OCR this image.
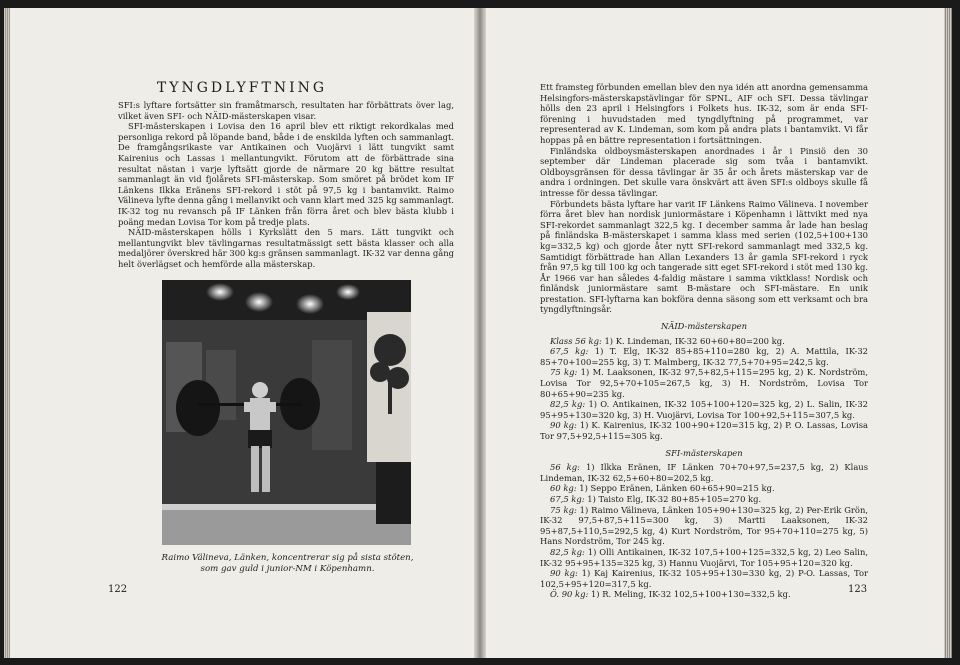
TYNGDLYFTNING

SFI:s lyftare fortsätter sin framåtmarsch, resultaten har förbättrats över lag, vilket även SFI- och NÄID-mästerskapen visar.

SFI-mästerskapen i Lovisa den 16 april blev ett riktigt rekordkalas med personliga rekord på löpande band, både i de enskilda lyften och sammanlagt. De framgångsrikaste var Antikainen och Vuojärvi i lätt tungvikt samt Kairenius och Lassas i mellantungvikt. Förutom att de förbättrade sina resultat nästan i varje lyftsätt gjorde de närmare 20 kg bättre resultat sammanlagt än vid fjolårets SFI-mästerskap. Som smöret på brödet kom IF Länkens Ilkka Eränens SFI-rekord i stöt på 97,5 kg i bantamvikt. Raimo Välineva lyfte denna gång i mellanvikt och vann klart med 325 kg sammanlagt. IK-32 tog nu revansch på IF Länken från förra året och blev bästa klubb i poäng medan Lovisa Tor kom på tredje plats.

NÄID-mästerskapen hölls i Kyrkslätt den 5 mars. Lätt tungvikt och mellantungvikt blev tävlingarnas resultatmässigt sett bästa klasser och alla medaljörer överskred här 300 kg:s gränsen sammanlagt. IK-32 var denna gång helt överlägset och hemförde alla mästerskap.

Raimo Välineva, Länken, koncentrerar sig på sista stöten,
som gav guld i junior-NM i Köpenhamn.
122

Ett framsteg förbunden emellan blev den nya idén att anordna gemensamma Helsingfors-mästerskapstävlingar för SPNL, AIF och SFI. Dessa tävlingar hölls den 23 april i Helsingfors i Folkets hus. IK-32, som är enda SFI-förening i huvudstaden med tyngdlyftning på programmet, var representerad av K. Lindeman, som kom på andra plats i bantamvikt. Vi får hoppas på en bättre representation i fortsättningen.

Finländska oldboysmästerskapen anordnades i år i Pinsiö den 30 september där Lindeman placerade sig som tvåa i bantamvikt. Oldboysgränsen för dessa tävlingar är 35 år och årets mästerskap var de andra i ordningen. Det skulle vara önskvärt att även SFI:s oldboys skulle få intresse för dessa tävlingar.

Förbundets bästa lyftare har varit IF Länkens Raimo Välineva. I november förra året blev han nordisk juniormästare i Köpenhamn i lättvikt med nya SFI-rekordet sammanlagt 322,5 kg. I december samma år lade han beslag på finländska B-mästerskapet i samma klass med serien (102,5+100+130 kg=332,5 kg) och gjorde åter nytt SFI-rekord sammanlagt med 332,5 kg. Samtidigt förbättrade han Allan Lexanders 13 år gamla SFI-rekord i ryck från 97,5 kg till 100 kg och tangerade sitt eget SFI-rekord i stöt med 130 kg. År 1966 var han således 4-faldig mästare i samma viktklass! Nordisk och finländsk juniormästare samt B-mästare och SFI-mästare. En unik prestation. SFI-lyftarna kan bokföra denna säsong som ett verksamt och bra tyngdlyftningsår.

NÄID-mästerskapen

Klass 56 kg: 1) K. Lindeman, IK-32 60+60+80=200 kg.

67,5 kg: 1) T. Elg, IK-32 85+85+110=280 kg, 2) A. Mattila, IK-32 85+70+100=255 kg, 3) T. Malmberg, IK-32 77,5+70+95=242,5 kg.

75 kg: 1) M. Laaksonen, IK-32 97,5+82,5+115=295 kg, 2) K. Nordström, Lovisa Tor 92,5+70+105=267,5 kg, 3) H. Nordström, Lovisa Tor 80+65+90=235 kg.

82,5 kg: 1) O. Antikainen, IK-32 105+100+120=325 kg, 2) L. Salin, IK-32 95+95+130=320 kg, 3) H. Vuojärvi, Lovisa Tor 100+92,5+115=307,5 kg.

90 kg: 1) K. Kairenius, IK-32 100+90+120=315 kg, 2) P. O. Lassas, Lovisa Tor 97,5+92,5+115=305 kg.

SFI-mästerskapen

56 kg: 1) Ilkka Eränen, IF Länken 70+70+97,5=237,5 kg, 2) Klaus Lindeman, IK-32 62,5+60+80=202,5 kg.

60 kg: 1) Seppo Eränen, Länken 60+65+90=215 kg.

67,5 kg: 1) Taisto Elg, IK-32 80+85+105=270 kg.

75 kg: 1) Raimo Välineva, Länken 105+90+130=325 kg, 2) Per-Erik Grön, IK-32 97,5+87,5+115=300 kg, 3) Martti Laaksonen, IK-32 95+87,5+110,5=292,5 kg, 4) Kurt Nordström, Tor 95+70+110=275 kg, 5) Hans Nordström, Tor 245 kg.

82,5 kg: 1) Olli Antikainen, IK-32 107,5+100+125=332,5 kg, 2) Leo Salin, IK-32 95+95+135=325 kg, 3) Hannu Vuojärvi, Tor 105+95+120=320 kg.

90 kg: 1) Kaj Kairenius, IK-32 105+95+130=330 kg, 2) P-O. Lassas, Tor 102,5+95+120=317,5 kg.

Ö. 90 kg: 1) R. Meling, IK-32 102,5+100+130=332,5 kg.	123
